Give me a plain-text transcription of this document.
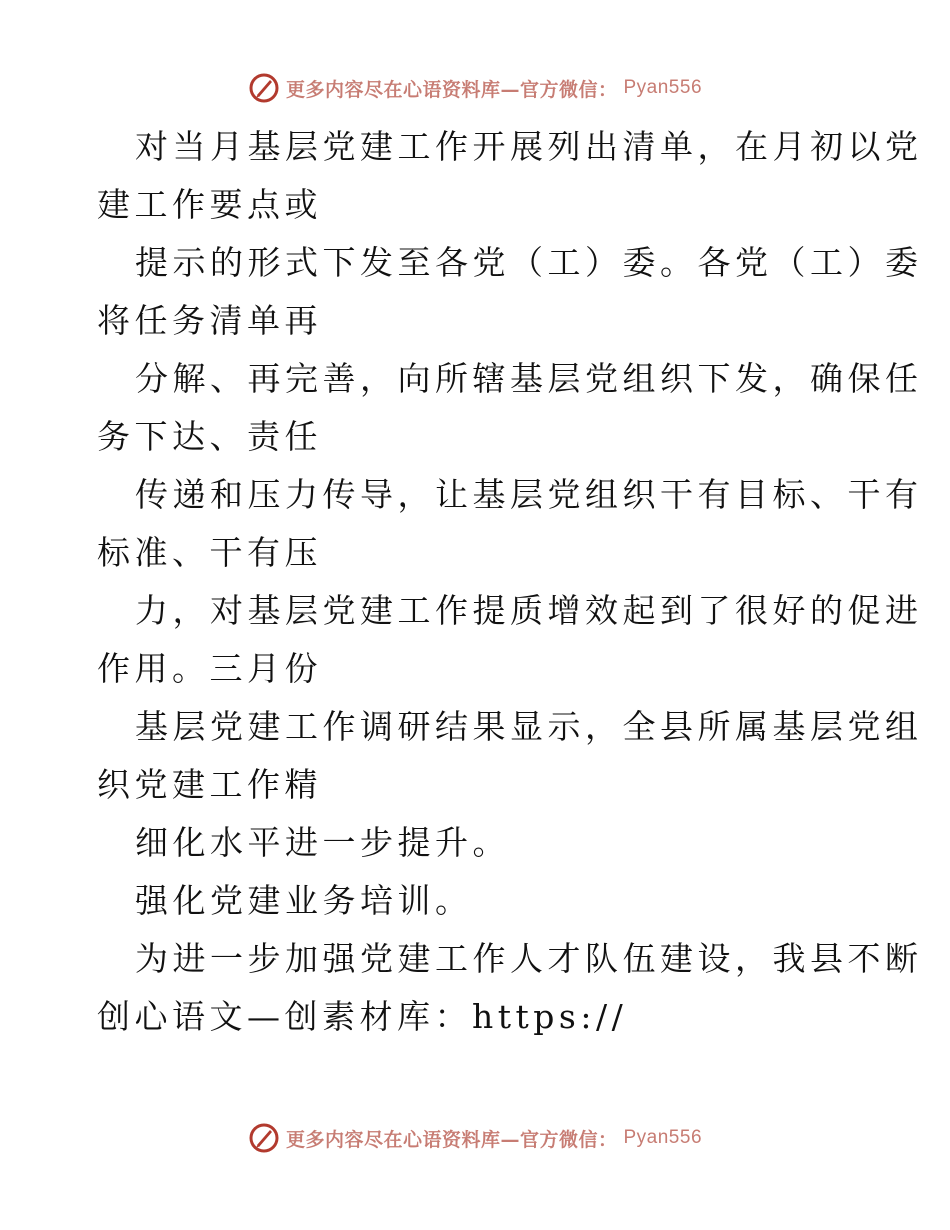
更多内容尽在心语资料库—官方微信： Pyan556
对当月基层党建工作开展列出清单，在月初以党
建工作要点或
提示的形式下发至各党（工）委。各党（工）委
将任务清单再
分解、再完善，向所辖基层党组织下发，确保任
务下达、责任
传递和压力传导，让基层党组织干有目标、干有
标准、干有压
力，对基层党建工作提质增效起到了很好的促进
作用。三月份
基层党建工作调研结果显示，全县所属基层党组
织党建工作精
细化水平进一步提升。
强化党建业务培训。
为进一步加强党建工作人才队伍建设，我县不断
创心语文—创素材库：https://
更多内容尽在心语资料库—官方微信： Pyan556
